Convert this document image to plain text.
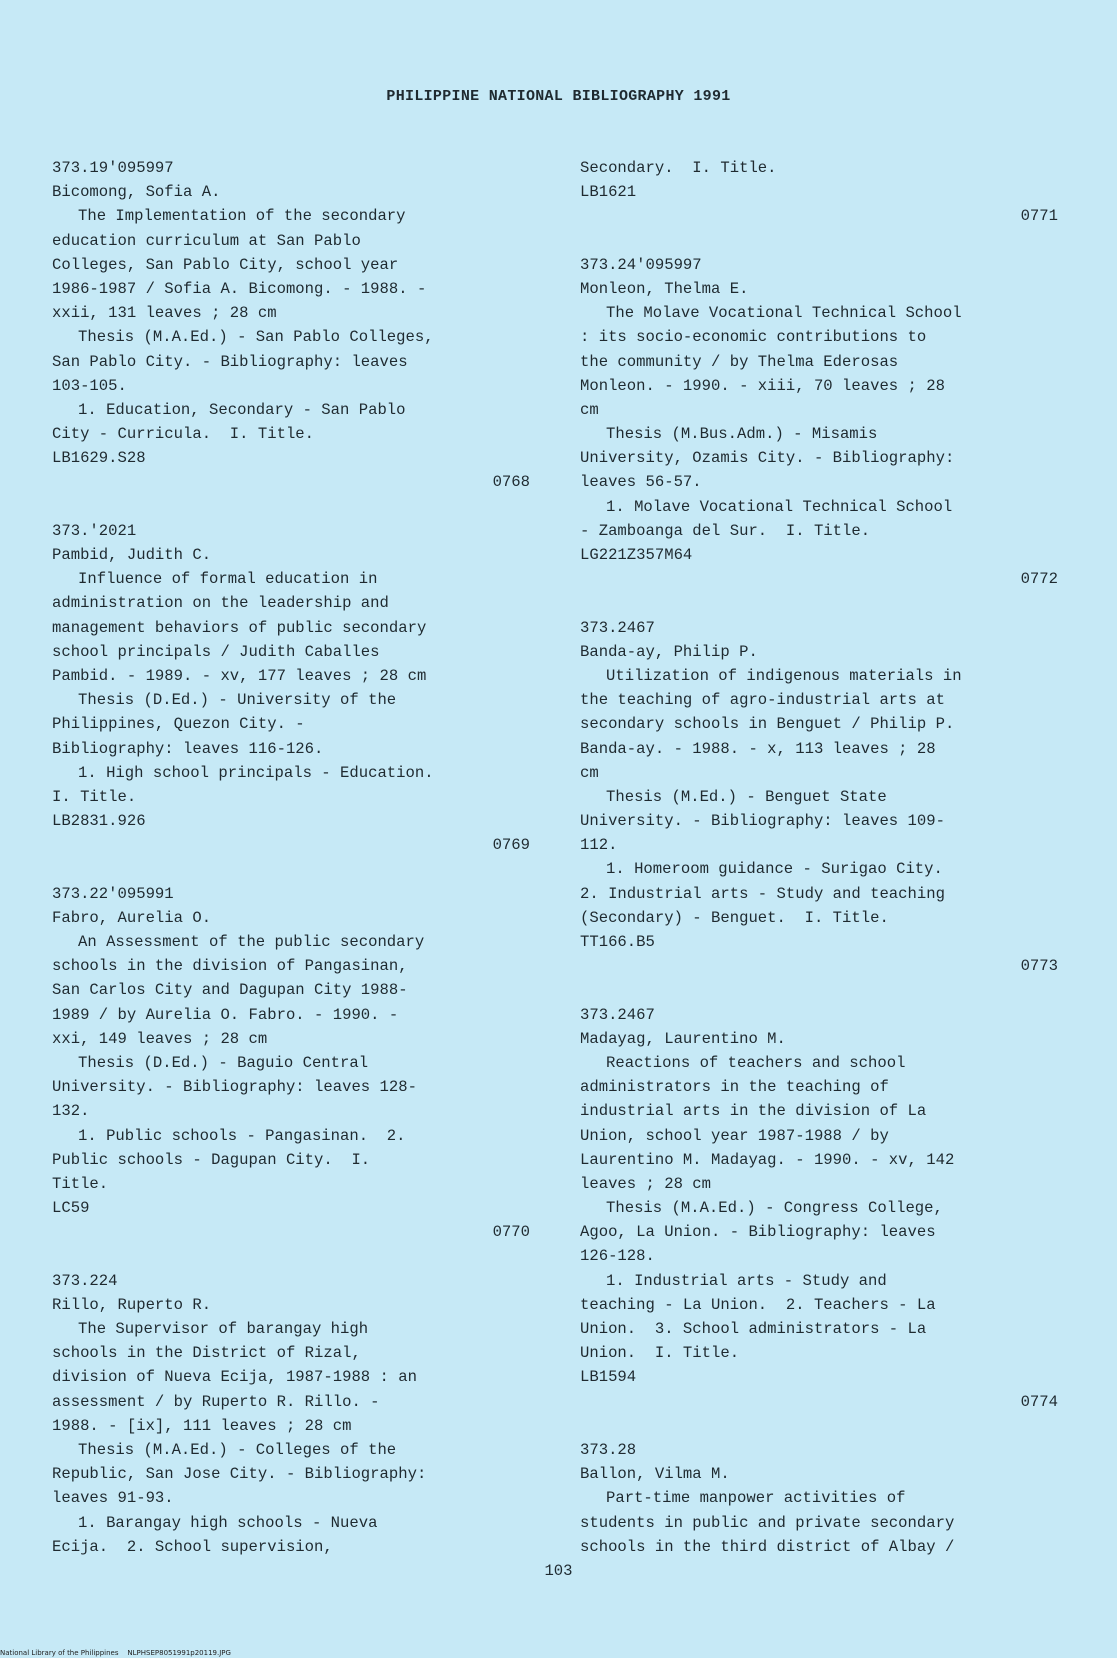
PHILIPPINE NATIONAL BIBLIOGRAPHY 1991
373.19'095997
Bicomong, Sofia A.
The Implementation of the secondary
education curriculum at San Pablo
Colleges, San Pablo City, school year
1986-1987 / Sofia A. Bicomong. - 1988. -
xxii, 131 leaves ; 28 cm
Thesis (M.A.Ed.) - San Pablo Colleges,
San Pablo City. - Bibliography: leaves
103-105.
1. Education, Secondary - San Pablo
City - Curricula.  I. Title.
LB1629.S28
0768
373.'2021
Pambid, Judith C.
Influence of formal education in
administration on the leadership and
management behaviors of public secondary
school principals / Judith Caballes
Pambid. - 1989. - xv, 177 leaves ; 28 cm
Thesis (D.Ed.) - University of the
Philippines, Quezon City. -
Bibliography: leaves 116-126.
1. High school principals - Education.
I. Title.
LB2831.926
0769
373.22'095991
Fabro, Aurelia O.
An Assessment of the public secondary
schools in the division of Pangasinan,
San Carlos City and Dagupan City 1988-
1989 / by Aurelia O. Fabro. - 1990. -
xxi, 149 leaves ; 28 cm
Thesis (D.Ed.) - Baguio Central
University. - Bibliography: leaves 128-
132.
1. Public schools - Pangasinan.  2.
Public schools - Dagupan City.  I.
Title.
LC59
0770
373.224
Rillo, Ruperto R.
The Supervisor of barangay high
schools in the District of Rizal,
division of Nueva Ecija, 1987-1988 : an
assessment / by Ruperto R. Rillo. -
1988. - [ix], 111 leaves ; 28 cm
Thesis (M.A.Ed.) - Colleges of the
Republic, San Jose City. - Bibliography:
leaves 91-93.
1. Barangay high schools - Nueva
Ecija.  2. School supervision,
Secondary.  I. Title.
LB1621
0771
373.24'095997
Monleon, Thelma E.
The Molave Vocational Technical School
: its socio-economic contributions to
the community / by Thelma Ederosas
Monleon. - 1990. - xiii, 70 leaves ; 28
cm
Thesis (M.Bus.Adm.) - Misamis
University, Ozamis City. - Bibliography:
leaves 56-57.
1. Molave Vocational Technical School
- Zamboanga del Sur.  I. Title.
LG221Z357M64
0772
373.2467
Banda-ay, Philip P.
Utilization of indigenous materials in
the teaching of agro-industrial arts at
secondary schools in Benguet / Philip P.
Banda-ay. - 1988. - x, 113 leaves ; 28
cm
Thesis (M.Ed.) - Benguet State
University. - Bibliography: leaves 109-
112.
1. Homeroom guidance - Surigao City.
2. Industrial arts - Study and teaching
(Secondary) - Benguet.  I. Title.
TT166.B5
0773
373.2467
Madayag, Laurentino M.
Reactions of teachers and school
administrators in the teaching of
industrial arts in the division of La
Union, school year 1987-1988 / by
Laurentino M. Madayag. - 1990. - xv, 142
leaves ; 28 cm
Thesis (M.A.Ed.) - Congress College,
Agoo, La Union. - Bibliography: leaves
126-128.
1. Industrial arts - Study and
teaching - La Union.  2. Teachers - La
Union.  3. School administrators - La
Union.  I. Title.
LB1594
0774
373.28
Ballon, Vilma M.
Part-time manpower activities of
students in public and private secondary
schools in the third district of Albay /
103
National Library of the Philippines NLPHSEP8051991p20119.JPG
